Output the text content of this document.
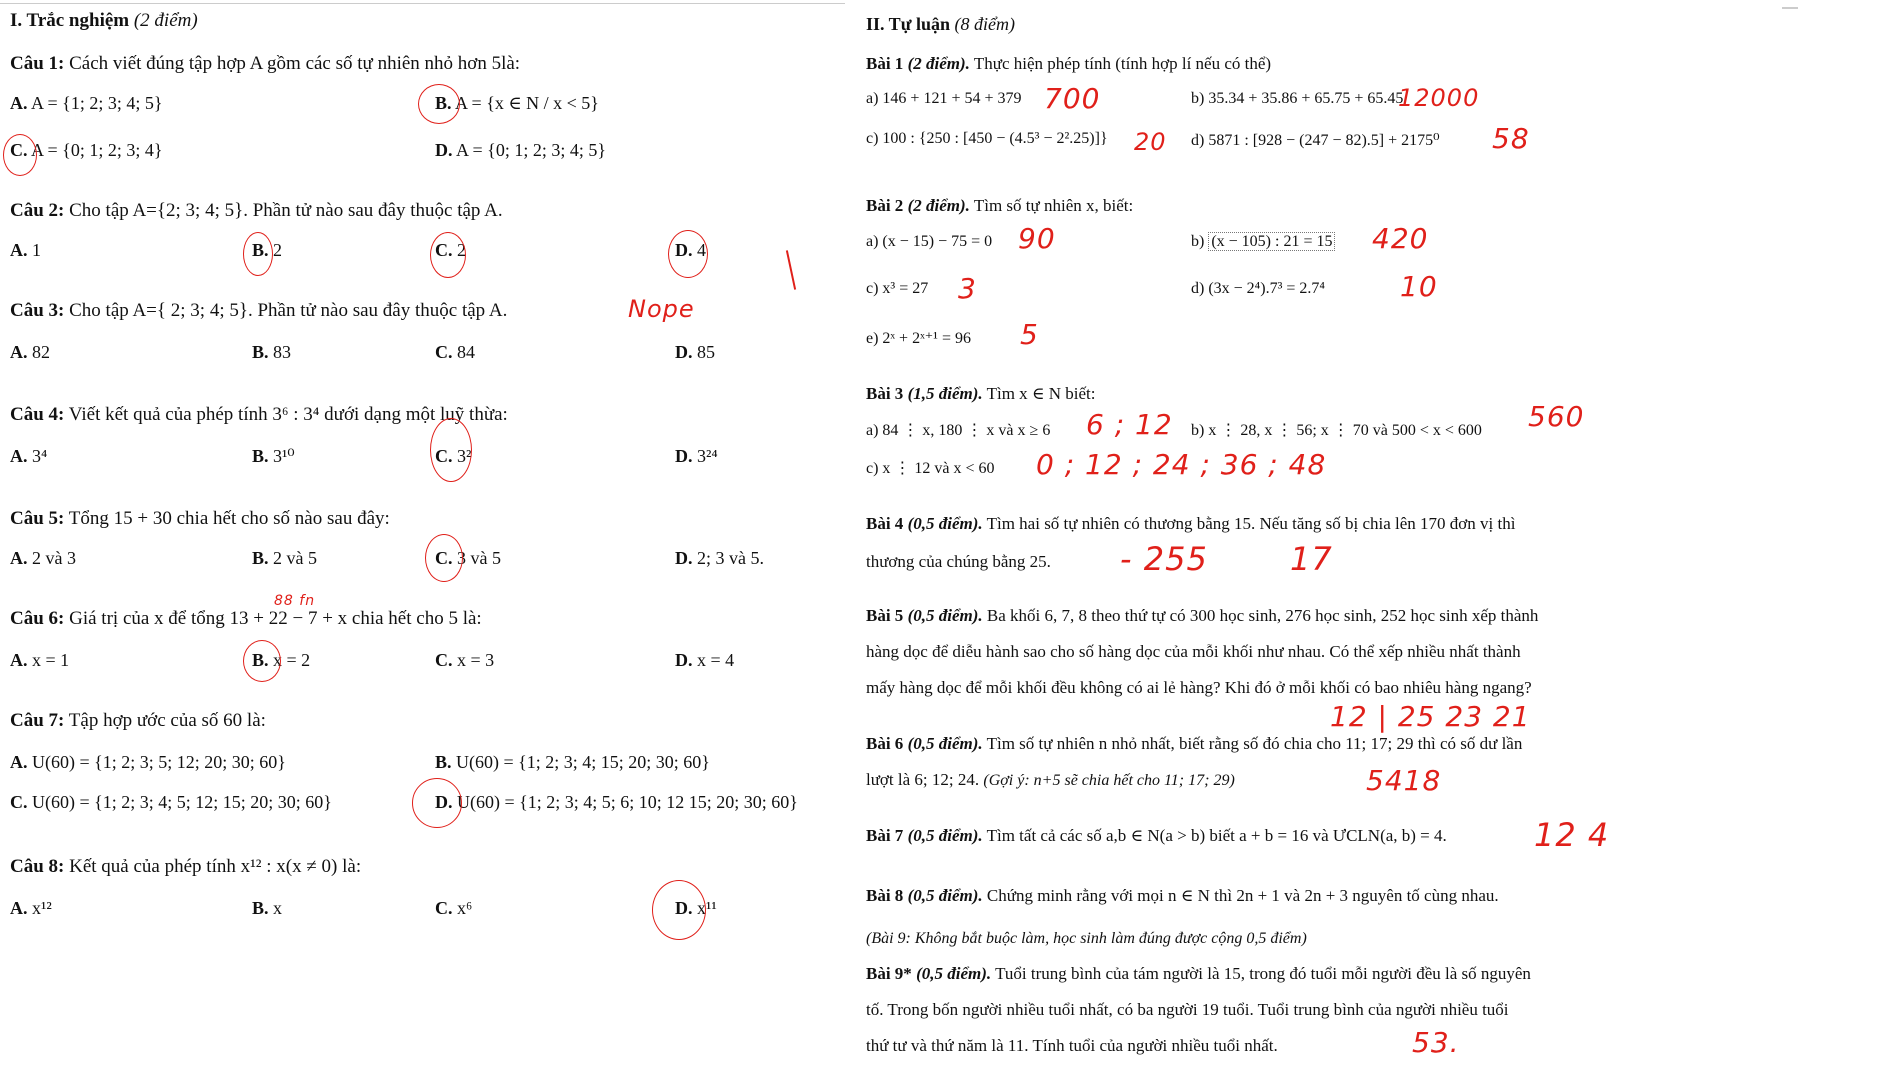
I. Trắc nghiệm (2 điểm)
Câu 1: Cách viết đúng tập hợp A gồm các số tự nhiên nhỏ hơn 5là:
A. A = {1; 2; 3; 4; 5}	B. A = {x ∈ N / x < 5}
C. A = {0; 1; 2; 3; 4}	D. A = {0; 1; 2; 3; 4; 5}
Câu 2: Cho tập A={2; 3; 4; 5}. Phần tử nào sau đây thuộc tập A.
A. 1	B. 2	C. 2	D. 4
Câu 3: Cho tập A={ 2; 3; 4; 5}. Phần tử nào sau đây thuộc tập A.
A. 82	B. 83	C. 84	D. 85
Câu 4: Viết kết quả của phép tính 3⁶ : 3⁴ dưới dạng một luỹ thừa:
A. 3⁴	B. 3¹⁰	C. 3²	D. 3²⁴
Câu 5: Tổng 15 + 30 chia hết cho số nào sau đây:
A. 2 và 3	B. 2 và 5	C. 3 và 5	D. 2; 3 và 5.
Câu 6: Giá trị của x để tổng 13 + 22 − 7 + x chia hết cho 5 là:
A. x = 1	B. x = 2	C. x = 3	D. x = 4
Câu 7: Tập hợp ước của số 60 là:
A. U(60) = {1; 2; 3; 5; 12; 20; 30; 60}	B. U(60) = {1; 2; 3; 4; 15; 20; 30; 60}
C. U(60) = {1; 2; 3; 4; 5; 12; 15; 20; 30; 60}	D. U(60) = {1; 2; 3; 4; 5; 6; 10; 12 15; 20; 30; 60}
Câu 8: Kết quả của phép tính x¹² : x(x ≠ 0) là:
A. x¹²	B. x	C. x⁶	D. x¹¹
Nope
88 fn
II. Tự luận (8 điểm)
Bài 1 (2 điểm). Thực hiện phép tính (tính hợp lí nếu có thể)
a) 146 + 121 + 54 + 379	b) 35.34 + 35.86 + 65.75 + 65.45
c) 100 : {250 : [450 − (4.5³ − 2².25)]}	d) 5871 : [928 − (247 − 82).5] + 2175⁰
Bài 2 (2 điểm). Tìm số tự nhiên x, biết:
a) (x − 15) − 75 = 0	b) (x − 105) : 21 = 15
c) x³ = 27	d) (3x − 2⁴).7³ = 2.7⁴
e) 2ˣ + 2ˣ⁺¹ = 96
Bài 3 (1,5 điểm). Tìm x ∈ N biết:
a) 84 ⋮ x, 180 ⋮ x và x ≥ 6	b) x ⋮ 28, x ⋮ 56; x ⋮ 70 và 500 < x < 600
c) x ⋮ 12 và x < 60
Bài 4 (0,5 điểm). Tìm hai số tự nhiên có thương bằng 15. Nếu tăng số bị chia lên 170 đơn vị thì
thương của chúng bằng 25.
Bài 5 (0,5 điểm). Ba khối 6, 7, 8 theo thứ tự có 300 học sinh, 276 học sinh, 252 học sinh xếp thành
hàng dọc để diễu hành sao cho số hàng dọc của mỗi khối như nhau. Có thể xếp nhiều nhất thành
mấy hàng dọc để mỗi khối đều không có ai lẻ hàng? Khi đó ở mỗi khối có bao nhiêu hàng ngang?
Bài 6 (0,5 điểm). Tìm số tự nhiên n nhỏ nhất, biết rằng số đó chia cho 11; 17; 29 thì có số dư lần
lượt là 6; 12; 24. (Gợi ý: n+5 sẽ chia hết cho 11; 17; 29)
Bài 7 (0,5 điểm). Tìm tất cả các số a,b ∈ N(a > b) biết a + b = 16 và ƯCLN(a, b) = 4.
Bài 8 (0,5 điểm). Chứng minh rằng với mọi n ∈ N thì 2n + 1 và 2n + 3 nguyên tố cùng nhau.
(Bài 9: Không bắt buộc làm, học sinh làm đúng được cộng 0,5 điểm)
Bài 9* (0,5 điểm). Tuổi trung bình của tám người là 15, trong đó tuổi mỗi người đều là số nguyên
tố. Trong bốn người nhiều tuổi nhất, có ba người 19 tuổi. Tuổi trung bình của người nhiều tuổi
thứ tư và thứ năm là 11. Tính tuổi của người nhiều tuổi nhất.
700	12000
20	58
90	420
3	10
5
6 ; 12	560
0 ; 12 ; 24 ; 36 ; 48
- 255	17
12 | 25 23 21
5418
12 4
53.
